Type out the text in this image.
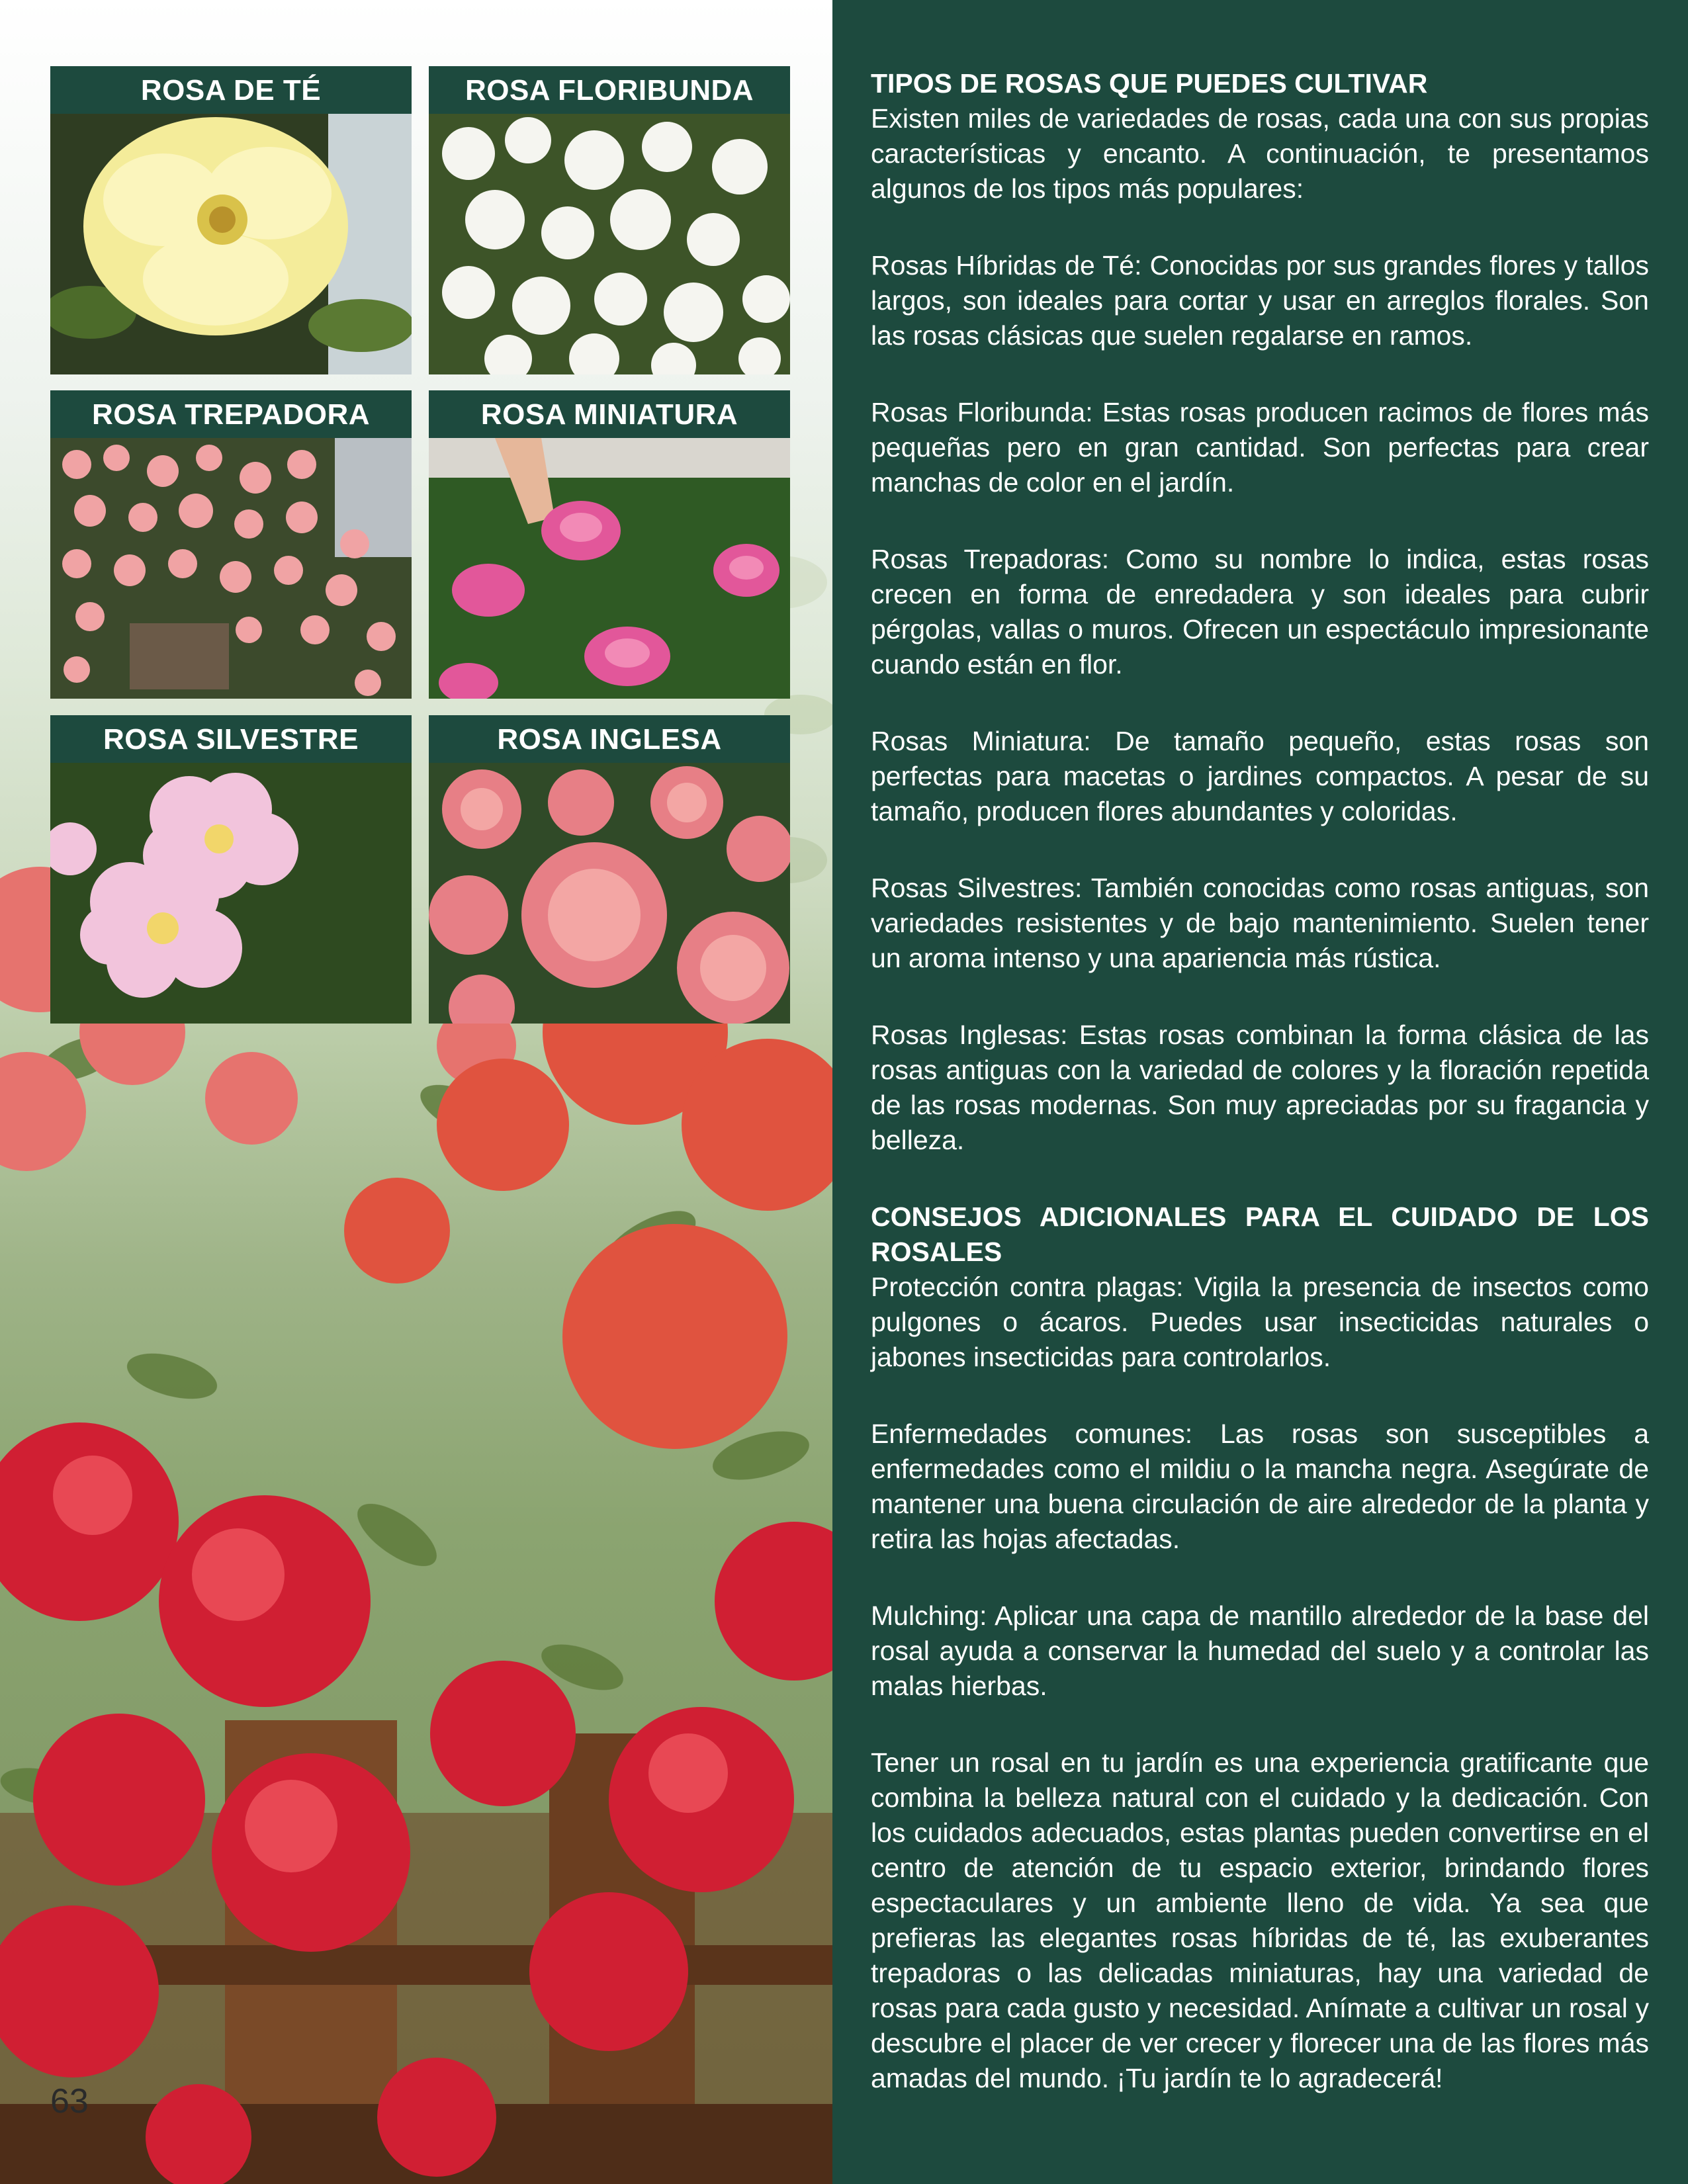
ROSA DE TÉ	ROSA FLORIBUNDA
ROSA TREPADORA	ROSA MINIATURA
ROSA SILVESTRE	ROSA INGLESA
63
TIPOS DE ROSAS QUE PUEDES CULTIVAR

Existen miles de variedades de rosas, cada una con sus propias características y encanto. A continuación, te presentamos algunos de los tipos más populares:

Rosas Híbridas de Té: Conocidas por sus grandes flores y tallos largos, son ideales para cortar y usar en arreglos florales. Son las rosas clásicas que suelen regalarse en ramos.

Rosas Floribunda: Estas rosas producen racimos de flores más pequeñas pero en gran cantidad. Son perfectas para crear manchas de color en el jardín.

Rosas Trepadoras: Como su nombre lo indica, estas rosas crecen en forma de enredadera y son ideales para cubrir pérgolas, vallas o muros. Ofrecen un espectáculo impresionante cuando están en flor.

Rosas Miniatura: De tamaño pequeño, estas rosas son perfectas para macetas o jardines compactos. A pesar de su tamaño, producen flores abundantes y coloridas.

Rosas Silvestres: También conocidas como rosas antiguas, son variedades resistentes y de bajo mantenimiento. Suelen tener un aroma intenso y una apariencia más rústica.

Rosas Inglesas: Estas rosas combinan la forma clásica de las rosas antiguas con la variedad de colores y la floración repetida de las rosas modernas. Son muy apreciadas por su fragancia y belleza.

CONSEJOS ADICIONALES PARA EL CUIDADO DE LOS ROSALES

Protección contra plagas: Vigila la presencia de insectos como pulgones o ácaros. Puedes usar insecticidas naturales o jabones insecticidas para controlarlos.

Enfermedades comunes: Las rosas son susceptibles a enfermedades como el mildiu o la mancha negra. Asegúrate de mantener una buena circulación de aire alrededor de la planta y retira las hojas afectadas.

Mulching: Aplicar una capa de mantillo alrededor de la base del rosal ayuda a conservar la humedad del suelo y a controlar las malas hierbas.

Tener un rosal en tu jardín es una experiencia gratificante que combina la belleza natural con el cuidado y la dedicación. Con los cuidados adecuados, estas plantas pueden convertirse en el centro de atención de tu espacio exterior, brindando flores espectaculares y un ambiente lleno de vida. Ya sea que prefieras las elegantes rosas híbridas de té, las exuberantes trepadoras o las delicadas miniaturas, hay una variedad de rosas para cada gusto y necesidad. Anímate a cultivar un rosal y descubre el placer de ver crecer y florecer una de las flores más amadas del mundo. ¡Tu jardín te lo agradecerá!
